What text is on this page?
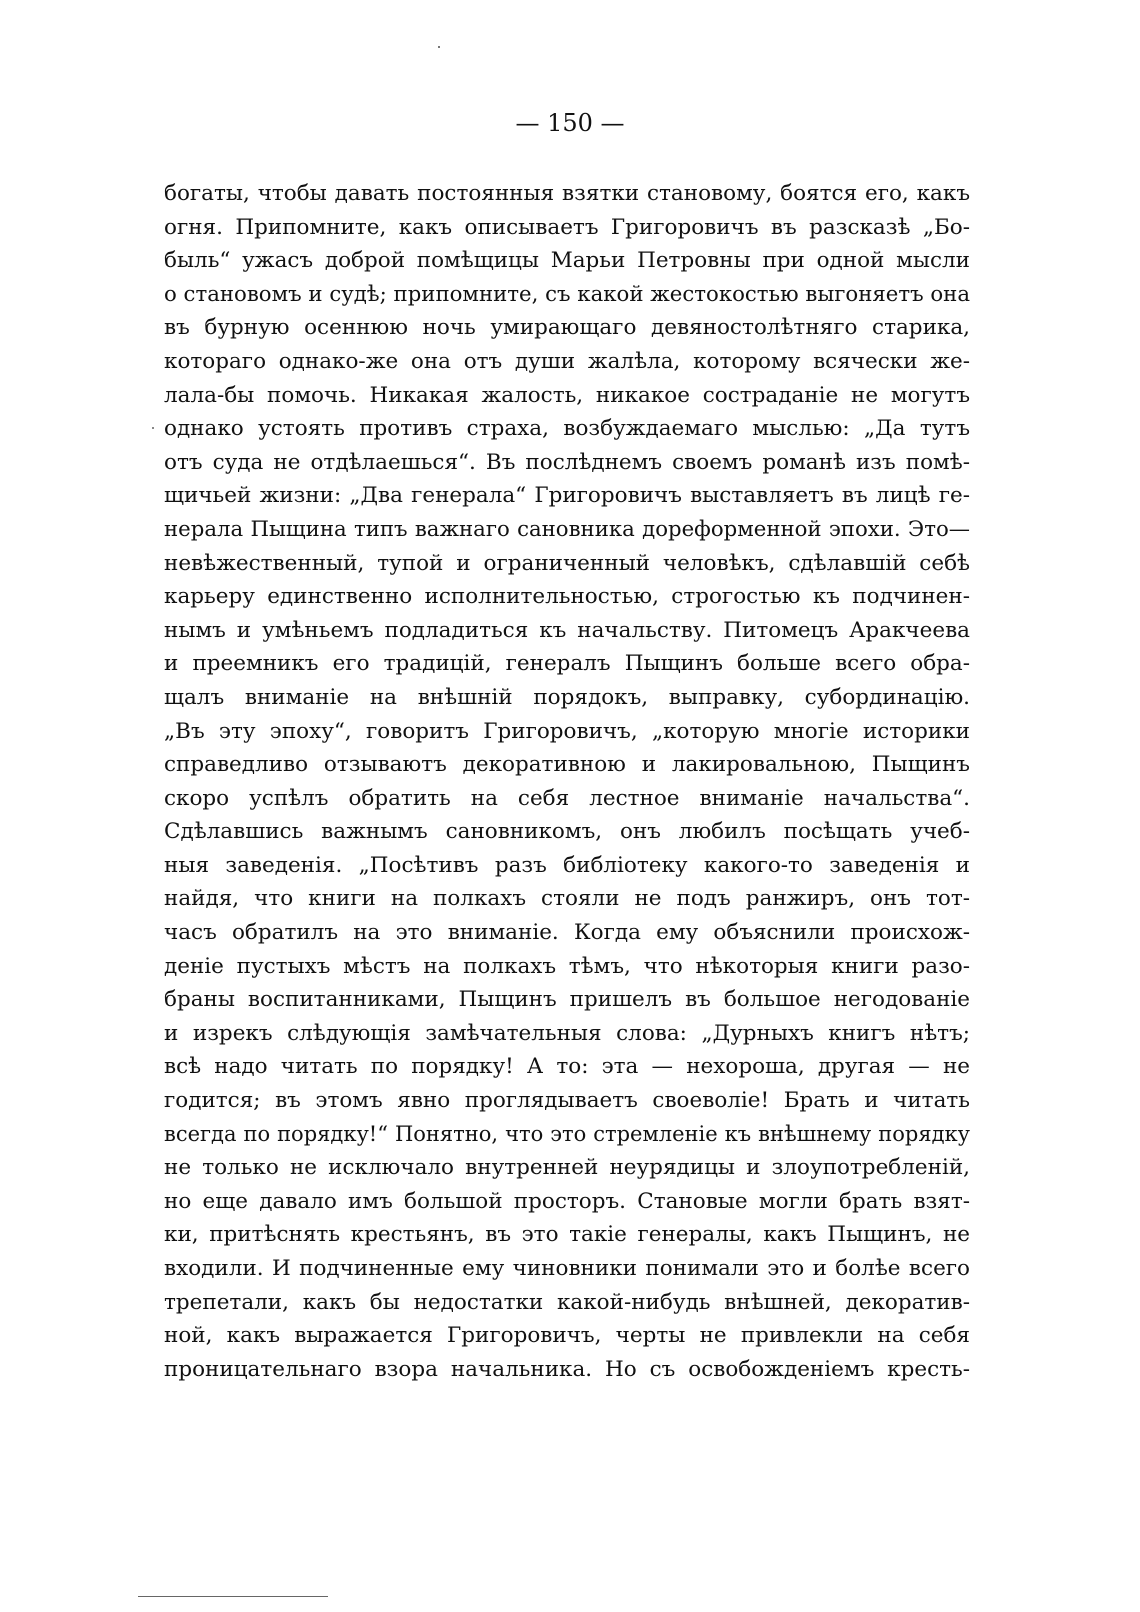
— 150 —
богаты, чтобы давать постоянныя взятки становому, боятся его, какъ
огня. Припомните, какъ описываетъ Григоровичъ въ разсказѣ „Бо-
быль“ ужасъ доброй помѣщицы Марьи Петровны при одной мысли
о становомъ и судѣ; припомните, съ какой жестокостью выгоняетъ она
въ бурную осеннюю ночь умирающаго девяностолѣтняго старика,
котораго однако-же она отъ души жалѣла, которому всячески же-
лала-бы помочь. Никакая жалость, никакое состраданіе не могутъ
однако устоять противъ страха, возбуждаемаго мыслью: „Да тутъ
отъ суда не отдѣлаешься“. Въ послѣднемъ своемъ романѣ изъ помѣ-
щичьей жизни: „Два генерала“ Григоровичъ выставляетъ въ лицѣ ге-
нерала Пыщина типъ важнаго сановника дореформенной эпохи. Это—
невѣжественный, тупой и ограниченный человѣкъ, сдѣлавшій себѣ
карьеру единственно исполнительностью, строгостью къ подчинен-
нымъ и умѣньемъ подладиться къ начальству. Питомецъ Аракчеева
и преемникъ его традицій, генералъ Пыщинъ больше всего обра-
щалъ вниманіе на внѣшній порядокъ, выправку, субординацію.
„Въ эту эпоху“, говоритъ Григоровичъ, „которую многіе историки
справедливо отзываютъ декоративною и лакировальною, Пыщинъ
скоро успѣлъ обратить на себя лестное вниманіе начальства“.
Сдѣлавшись важнымъ сановникомъ, онъ любилъ посѣщать учеб-
ныя заведенія. „Посѣтивъ разъ библіотеку какого-то заведенія и
найдя, что книги на полкахъ стояли не подъ ранжиръ, онъ тот-
часъ обратилъ на это вниманіе. Когда ему объяснили происхож-
деніе пустыхъ мѣстъ на полкахъ тѣмъ, что нѣкоторыя книги разо-
браны воспитанниками, Пыщинъ пришелъ въ большое негодованіе
и изрекъ слѣдующія замѣчательныя слова: „Дурныхъ книгъ нѣтъ;
всѣ надо читать по порядку! А то: эта — нехороша, другая — не
годится; въ этомъ явно проглядываетъ своеволіе! Брать и читать
всегда по порядку!“ Понятно, что это стремленіе къ внѣшнему порядку
не только не исключало внутренней неурядицы и злоупотребленій,
но еще давало имъ большой просторъ. Становые могли брать взят-
ки, притѣснять крестьянъ, въ это такіе генералы, какъ Пыщинъ, не
входили. И подчиненные ему чиновники понимали это и болѣе всего
трепетали, какъ бы недостатки какой-нибудь внѣшней, декоратив-
ной, какъ выражается Григоровичъ, черты не привлекли на себя
проницательнаго взора начальника. Но съ освобожденіемъ кресть-
